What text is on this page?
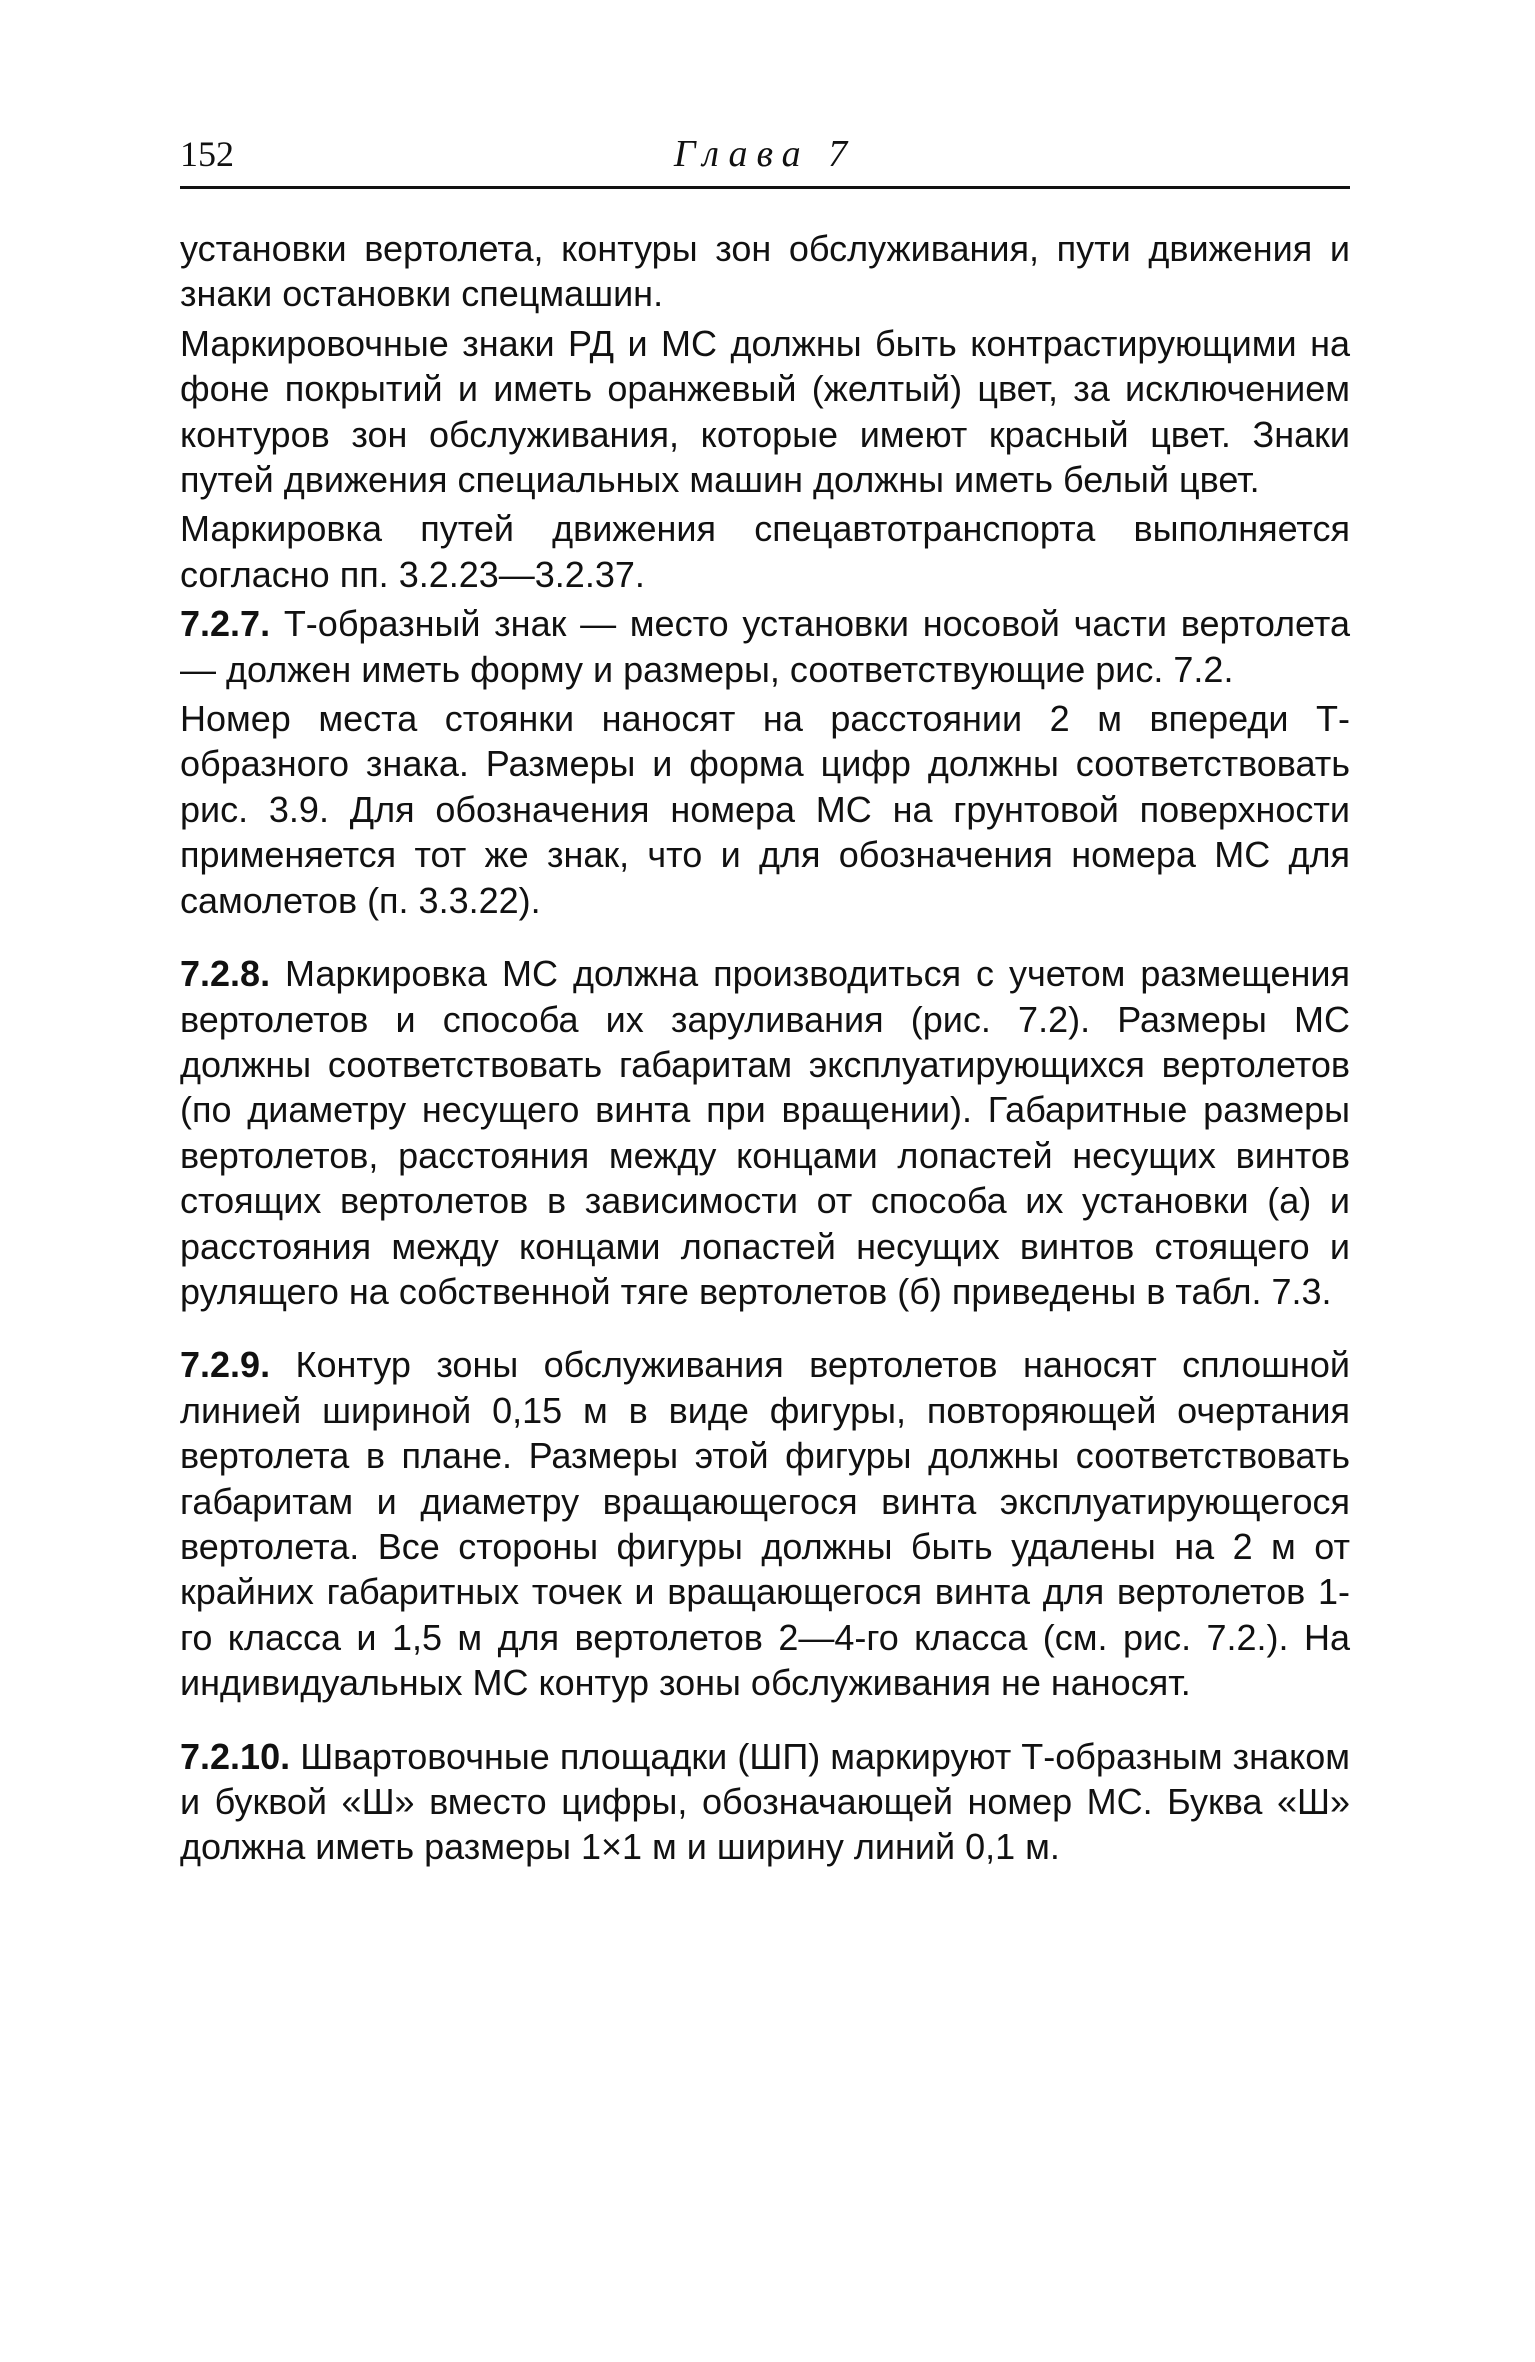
152	Глава 7

установки вертолета, контуры зон обслуживания, пути движения и знаки остановки спецмашин.

Маркировочные знаки РД и МС должны быть контрастирующими на фоне покрытий и иметь оранжевый (желтый) цвет, за исключением контуров зон обслуживания, которые имеют красный цвет. Знаки путей движения специальных машин должны иметь белый цвет.

Маркировка путей движения спецавтотранспорта выполняется согласно пп. 3.2.23—3.2.37.

7.2.7. Т-образный знак — место установки носовой части вертолета — должен иметь форму и размеры, соответствующие рис. 7.2.

Номер места стоянки наносят на расстоянии 2 м впереди Т-образного знака. Размеры и форма цифр должны соответствовать рис. 3.9. Для обозначения номера МС на грунтовой поверхности применяется тот же знак, что и для обозначения номера МС для самолетов (п. 3.3.22).

7.2.8. Маркировка МС должна производиться с учетом размещения вертолетов и способа их заруливания (рис. 7.2). Размеры МС должны соответствовать габаритам эксплуатирующихся вертолетов (по диаметру несущего винта при вращении). Габаритные размеры вертолетов, расстояния между концами лопастей несущих винтов стоящих вертолетов в зависимости от способа их установки (а) и расстояния между концами лопастей несущих винтов стоящего и рулящего на собственной тяге вертолетов (б) приведены в табл. 7.3.

7.2.9. Контур зоны обслуживания вертолетов наносят сплошной линией шириной 0,15 м в виде фигуры, повторяющей очертания вертолета в плане. Размеры этой фигуры должны соответствовать габаритам и диаметру вращающегося винта эксплуатирующегося вертолета. Все стороны фигуры должны быть удалены на 2 м от крайних габаритных точек и вращающегося винта для вертолетов 1-го класса и 1,5 м для вертолетов 2—4-го класса (см. рис. 7.2.). На индивидуальных МС контур зоны обслуживания не наносят.

7.2.10. Швартовочные площадки (ШП) маркируют Т-образным знаком и буквой «Ш» вместо цифры, обозначающей номер МС. Буква «Ш» должна иметь размеры 1×1 м и ширину линий 0,1 м.
